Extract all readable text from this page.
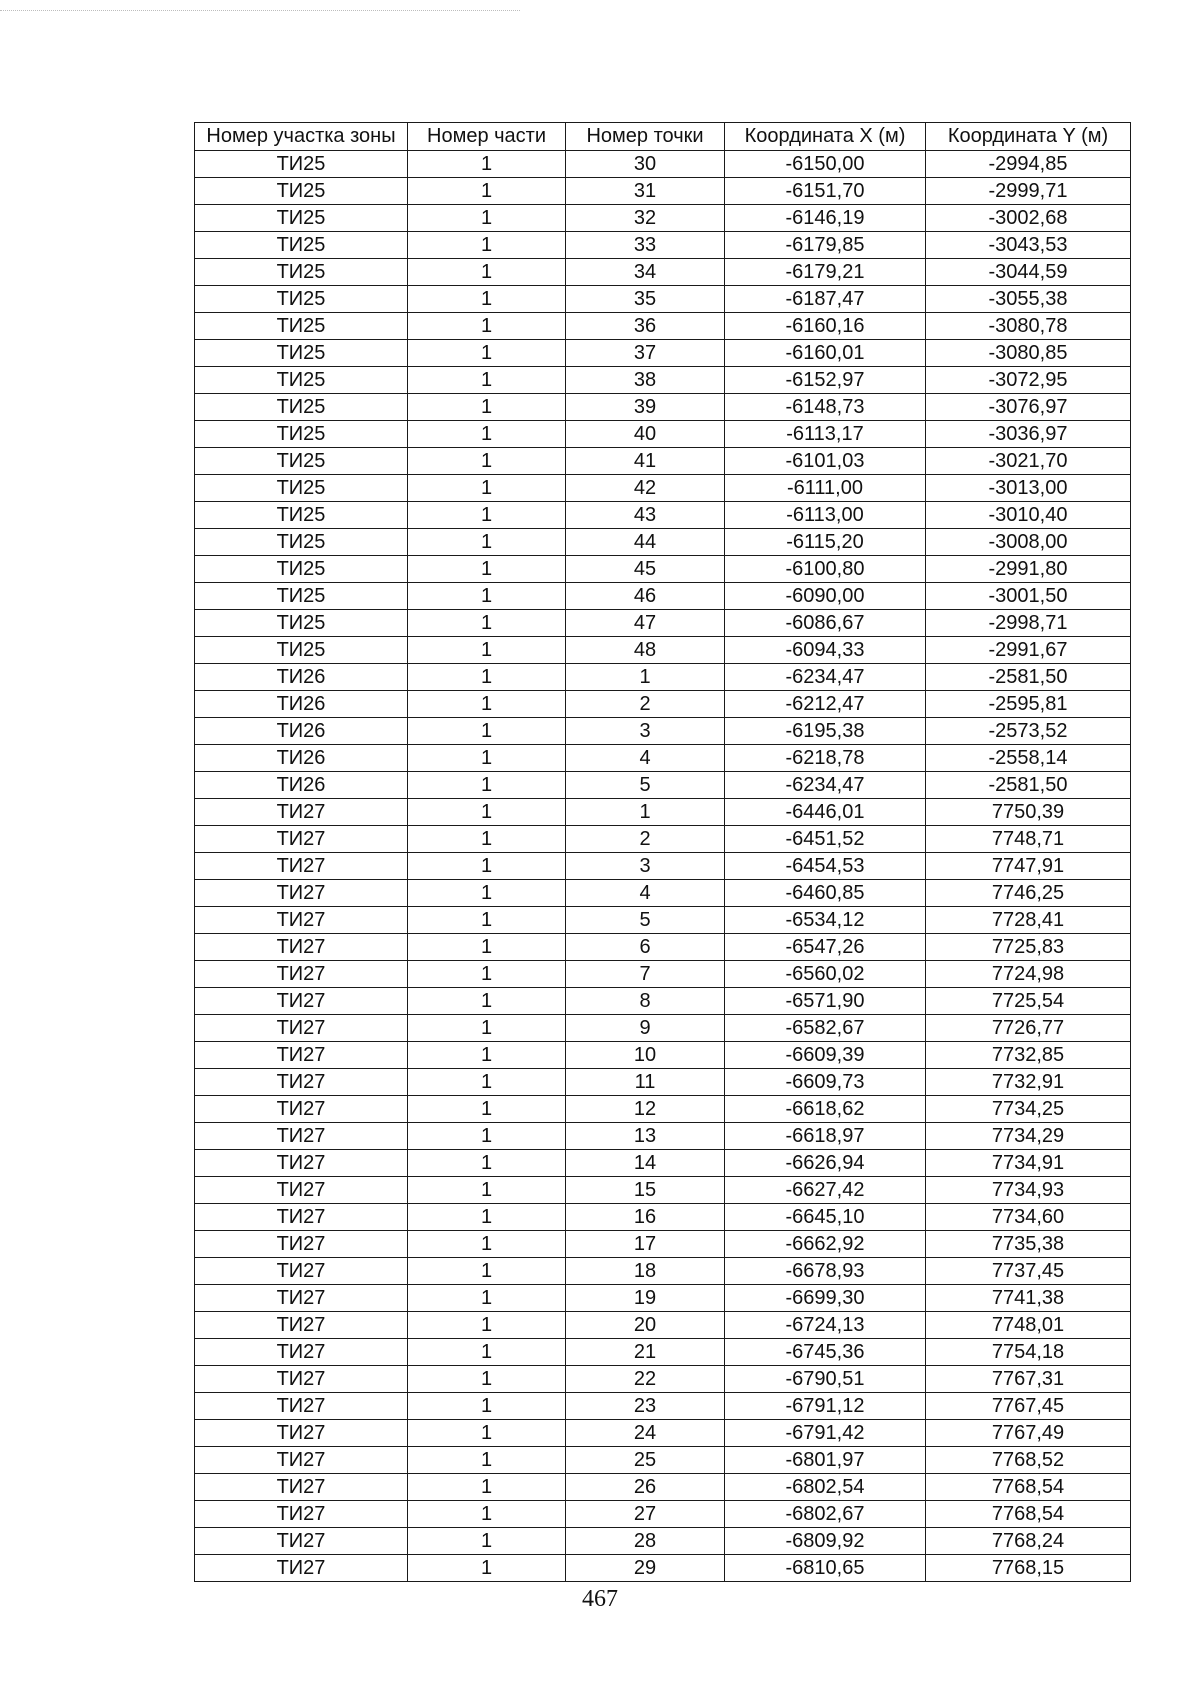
Номер участка зоны	Номер части	Номер точки	Координата X (м)	Координата Y (м)
ТИ25	1	30	-6150,00	-2994,85
ТИ25	1	31	-6151,70	-2999,71
ТИ25	1	32	-6146,19	-3002,68
ТИ25	1	33	-6179,85	-3043,53
ТИ25	1	34	-6179,21	-3044,59
ТИ25	1	35	-6187,47	-3055,38
ТИ25	1	36	-6160,16	-3080,78
ТИ25	1	37	-6160,01	-3080,85
ТИ25	1	38	-6152,97	-3072,95
ТИ25	1	39	-6148,73	-3076,97
ТИ25	1	40	-6113,17	-3036,97
ТИ25	1	41	-6101,03	-3021,70
ТИ25	1	42	-6111,00	-3013,00
ТИ25	1	43	-6113,00	-3010,40
ТИ25	1	44	-6115,20	-3008,00
ТИ25	1	45	-6100,80	-2991,80
ТИ25	1	46	-6090,00	-3001,50
ТИ25	1	47	-6086,67	-2998,71
ТИ25	1	48	-6094,33	-2991,67
ТИ26	1	1	-6234,47	-2581,50
ТИ26	1	2	-6212,47	-2595,81
ТИ26	1	3	-6195,38	-2573,52
ТИ26	1	4	-6218,78	-2558,14
ТИ26	1	5	-6234,47	-2581,50
ТИ27	1	1	-6446,01	7750,39
ТИ27	1	2	-6451,52	7748,71
ТИ27	1	3	-6454,53	7747,91
ТИ27	1	4	-6460,85	7746,25
ТИ27	1	5	-6534,12	7728,41
ТИ27	1	6	-6547,26	7725,83
ТИ27	1	7	-6560,02	7724,98
ТИ27	1	8	-6571,90	7725,54
ТИ27	1	9	-6582,67	7726,77
ТИ27	1	10	-6609,39	7732,85
ТИ27	1	11	-6609,73	7732,91
ТИ27	1	12	-6618,62	7734,25
ТИ27	1	13	-6618,97	7734,29
ТИ27	1	14	-6626,94	7734,91
ТИ27	1	15	-6627,42	7734,93
ТИ27	1	16	-6645,10	7734,60
ТИ27	1	17	-6662,92	7735,38
ТИ27	1	18	-6678,93	7737,45
ТИ27	1	19	-6699,30	7741,38
ТИ27	1	20	-6724,13	7748,01
ТИ27	1	21	-6745,36	7754,18
ТИ27	1	22	-6790,51	7767,31
ТИ27	1	23	-6791,12	7767,45
ТИ27	1	24	-6791,42	7767,49
ТИ27	1	25	-6801,97	7768,52
ТИ27	1	26	-6802,54	7768,54
ТИ27	1	27	-6802,67	7768,54
ТИ27	1	28	-6809,92	7768,24
ТИ27	1	29	-6810,65	7768,15
467
